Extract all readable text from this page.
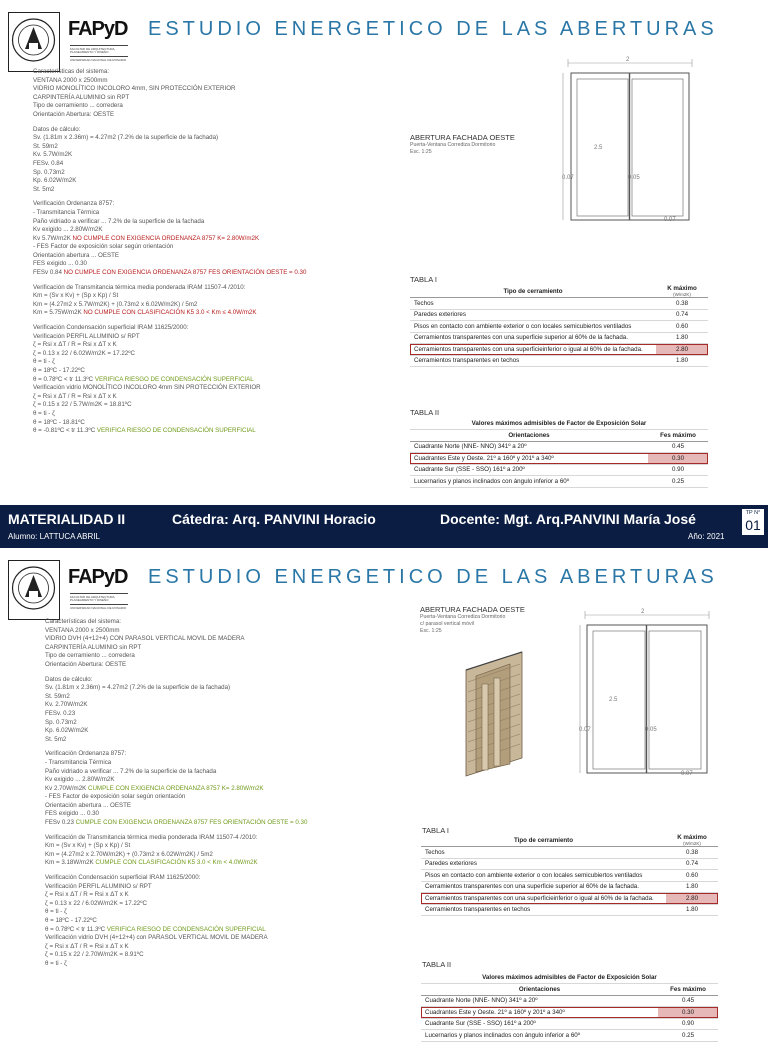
FAPyD
FACULTAD DE ARQUITECTURA, PLANEAMIENTO Y DISEÑO
UNIVERSIDAD NACIONAL DE ROSARIO
ESTUDIO ENERGETICO DE LAS ABERTURAS
Características del sistema:
VENTANA 2000 x 2500mm
VIDRIO MONOLÍTICO INCOLORO 4mm, SIN PROTECCIÓN EXTERIOR
CARPINTERÍA ALUMINIO sin RPT
Tipo de cerramiento ... corredera
Orientación Abertura: OESTE
Datos de cálculo:
Sv. (1.81m x 2.36m) = 4.27m2 (7.2% de la superficie de la fachada)
St. 59m2
Kv. 5.7W/m2K
FESv. 0.84
Sp. 0.73m2
Kp. 6.02W/m2K
St. 5m2
Verificación Ordenanza 8757:
- Transmitancia Térmica
Paño vidriado a verificar ... 7.2% de la superficie de la fachada
Kv exigido ... 2.80W/m2K
Kv 5.7W/m2K NO CUMPLE CON EXIGENCIA ORDENANZA 8757 K= 2.80W/m2K
- FES Factor de exposición solar según orientación
Orientación abertura ... OESTE
FES exigido ... 0.30
FESv 0.84 NO CUMPLE CON EXIGENCIA ORDENANZA 8757 FES ORIENTACIÓN OESTE = 0.30
Verificación de Transmitancia térmica media ponderada IRAM 11507-4 /2010:
Km = (Sv x Kv) + (Sp x Kp) / St
Km = (4.27m2 x 5.7W/m2K) + (0.73m2 x 6.02W/m2K) / 5m2
Km = 5.75W/m2K NO CUMPLE CON CLASIFICACIÓN K5 3.0 < Km ≤ 4.0W/m2K
Verificación Condensación superficial IRAM 11625/2000:
Verificación PERFIL ALUMINIO s/ RPT
ζ = Rsi x ΔT / R = Rsi x ΔT x K
ζ = 0.13 x 22 / 6.02W/m2K = 17.22ºC
θ = ti - ζ
θ = 18ºC - 17.22ºC
θ = 0.78ºC < tr 11.3ºC VERIFICA RIESGO DE CONDENSACIÓN SUPERFICIAL
Verificación vidrio MONOLÍTICO INCOLORO 4mm SIN PROTECCIÓN EXTERIOR
ζ = Rsi x ΔT / R = Rsi x ΔT x K
ζ = 0.15 x 22 / 5.7W/m2K = 18.81ºC
θ = ti - ζ
θ = 18ºC - 18.81ºC
θ = -0.81ºC < tr 11.3ºC VERIFICA RIESGO DE CONDENSACIÓN SUPERFICIAL
2
2.5
0.07	0.05
0.07
ABERTURA FACHADA OESTE
Puerta-Ventana Corrediza Dormitorio
Esc. 1:25
TABLA I
Tipo de cerramiento	K máximo
(W/m2K)

Techos	0.38
Paredes exteriores	0.74
Pisos en contacto con ambiente exterior o con locales semicubiertos ventilados	0.60
Cerramientos transparentes con una superficie superior al 60% de la fachada.	1.80
Cerramientos transparentes con una superficieinferior o igual al 60% de la fachada.	2.80
Cerramientos transparentes en techos	1.80
TABLA II
Valores máximos admisibles de Factor de Exposición Solar	
Orientaciones	Fes máximo
Cuadrante Norte (NNE- NNO) 341º a 20º	0.45
Cuadrantes Este y Oeste. 21º a 160º y 201º a 340º	0.30
Cuadrante Sur (SSE - SSO) 161º a 200º	0.90
Lucernarios y planos inclinados con ángulo inferior a 60º	0.25
MATERIALIDAD II	Cátedra: Arq. PANVINI Horacio	Docente: Mgt. Arq.PANVINI María José
Alumno: LATTUCA ABRIL	Año: 2021
TP N°
01
FAPyD
FACULTAD DE ARQUITECTURA, PLANEAMIENTO Y DISEÑO
UNIVERSIDAD NACIONAL DE ROSARIO
ESTUDIO ENERGETICO DE LAS ABERTURAS
Características del sistema:
VENTANA 2000 x 2500mm
VIDRIO DVH (4+12+4) CON PARASOL VERTICAL MOVIL DE MADERA
CARPINTERÍA ALUMINIO sin RPT
Tipo de cerramiento ... corredera
Orientación Abertura: OESTE
Datos de cálculo:
Sv. (1.81m x 2.36m) = 4.27m2 (7.2% de la superficie de la fachada)
St. 59m2
Kv. 2.70W/m2K
FESv. 0.23
Sp. 0.73m2
Kp. 6.02W/m2K
St. 5m2
Verificación Ordenanza 8757:
- Transmitancia Térmica
Paño vidriado a verificar ... 7.2% de la superficie de la fachada
Kv exigido ... 2.80W/m2K
Kv 2.70W/m2K CUMPLE CON EXIGENCIA ORDENANZA 8757 K= 2.80W/m2K
- FES Factor de exposición solar según orientación
Orientación abertura ... OESTE
FES exigido ... 0.30
FESv 0.23 CUMPLE CON EXIGENCIA ORDENANZA 8757 FES ORIENTACIÓN OESTE = 0.30
Verificación de Transmitancia térmica media ponderada IRAM 11507-4 /2010:
Km = (Sv x Kv) + (Sp x Kp) / St
Km = (4.27m2 x 2.70W/m2K) + (0.73m2 x 6.02W/m2K) / 5m2
Km = 3.18W/m2K CUMPLE CON CLASIFICACIÓN K5 3.0 < Km < 4.0W/m2K
Verificación Condensación superficial IRAM 11625/2000:
Verificación PERFIL ALUMINIO s/ RPT
ζ = Rsi x ΔT / R = Rsi x ΔT x K
ζ = 0.13 x 22 / 6.02W/m2K = 17.22ºC
θ = ti - ζ
θ = 18ºC - 17.22ºC
θ = 0.78ºC < tr 11.3ºC VERIFICA RIESGO DE CONDENSACIÓN SUPERFICIAL
Verificación vidrio DVH (4+12+4) con PARASOL VERTICAL MOVIL DE MADERA
ζ = Rsi x ΔT / R = Rsi x ΔT x K
ζ = 0.15 x 22 / 2.70W/m2K = 8.91ºC
θ = ti - ζ
ABERTURA FACHADA OESTE
Puerta-Ventana Corrediza Dormitorio
c/ parasol vertical móvil
Esc. 1:25
2
2.5
0.07	0.05
0.07
TABLA I
Tipo de cerramiento	K máximo
(W/m2K)

Techos	0.38
Paredes exteriores	0.74
Pisos en contacto con ambiente exterior o con locales semicubiertos ventilados	0.60
Cerramientos transparentes con una superficie superior al 60% de la fachada.	1.80
Cerramientos transparentes con una superficieinferior o igual al 60% de la fachada.	2.80
Cerramientos transparentes en techos	1.80
TABLA II
Valores máximos admisibles de Factor de Exposición Solar	
Orientaciones	Fes máximo
Cuadrante Norte (NNE- NNO) 341º a 20º	0.45
Cuadrantes Este y Oeste. 21º a 160º y 201º a 340º	0.30
Cuadrante Sur (SSE - SSO) 161º a 200º	0.90
Lucernarios y planos inclinados con ángulo inferior a 60º	0.25
